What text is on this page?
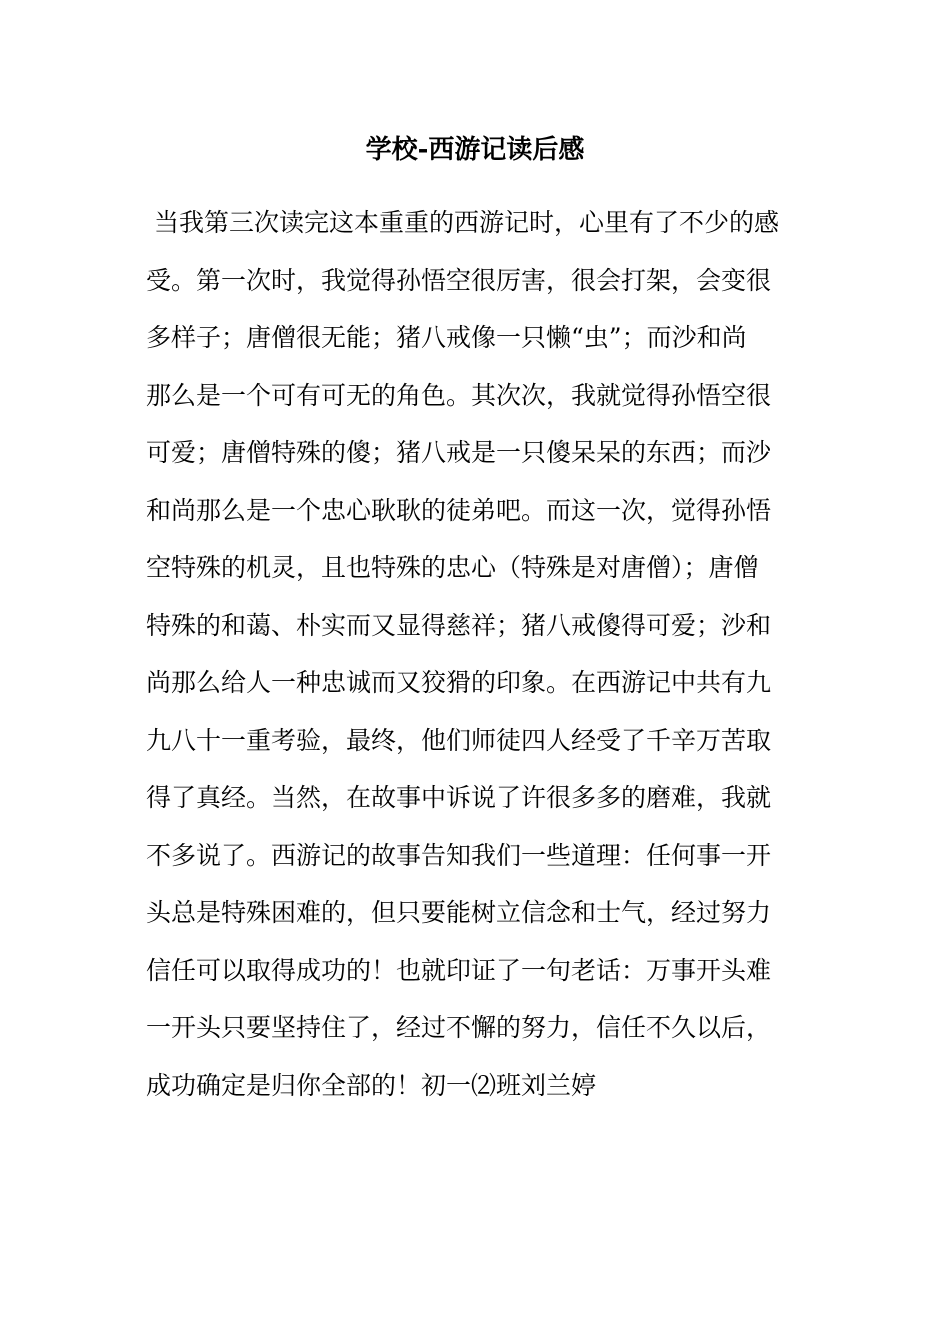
学校-西游记读后感
当我第三次读完这本重重的西游记时，心里有了不少的感
受。第一次时，我觉得孙悟空很厉害，很会打架，会变很
多样子；唐僧很无能；猪八戒像一只懒“虫”；而沙和尚
那么是一个可有可无的角色。其次次，我就觉得孙悟空很
可爱；唐僧特殊的傻；猪八戒是一只傻呆呆的东西；而沙
和尚那么是一个忠心耿耿的徒弟吧。而这一次，觉得孙悟
空特殊的机灵，且也特殊的忠心（特殊是对唐僧）；唐僧
特殊的和蔼、朴实而又显得慈祥；猪八戒傻得可爱；沙和
尚那么给人一种忠诚而又狡猾的印象。在西游记中共有九
九八十一重考验，最终，他们师徒四人经受了千辛万苦取
得了真经。当然，在故事中诉说了许很多多的磨难，我就
不多说了。西游记的故事告知我们一些道理：任何事一开
头总是特殊困难的，但只要能树立信念和士气，经过努力
信任可以取得成功的！也就印证了一句老话：万事开头难
一开头只要坚持住了，经过不懈的努力，信任不久以后，
成功确定是归你全部的！初一⑵班刘兰婷
